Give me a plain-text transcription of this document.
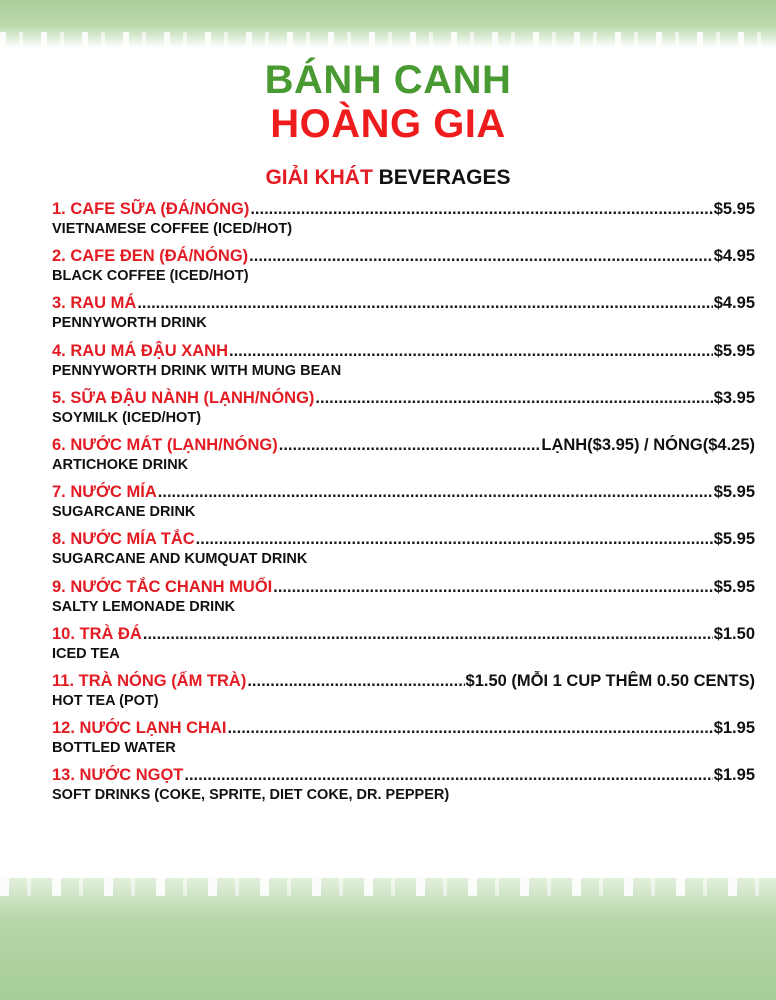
BÁNH CANH
HOÀNG GIA
GIẢI KHÁT BEVERAGES
1. CAFE SỮA (ĐÁ/NÓNG) .....	$5.95
VIETNAMESE COFFEE (ICED/HOT)
2. CAFE ĐEN (ĐÁ/NÓNG) .....	$4.95
BLACK COFFEE (ICED/HOT)
3. RAU MÁ .....	$4.95
PENNYWORTH DRINK
4. RAU MÁ ĐẬU XANH .....	$5.95
PENNYWORTH DRINK WITH MUNG BEAN
5. SỮA ĐẬU NÀNH (LẠNH/NÓNG) .....	$3.95
SOYMILK (ICED/HOT)
6. NƯỚC MÁT (LẠNH/NÓNG) .....	LẠNH($3.95) / NÓNG($4.25)
ARTICHOKE DRINK
7. NƯỚC MÍA .....	$5.95
SUGARCANE DRINK
8. NƯỚC MÍA TẮC .....	$5.95
SUGARCANE AND KUMQUAT DRINK
9. NƯỚC TẮC CHANH MUỐI .....	$5.95
SALTY LEMONADE DRINK
10. TRÀ ĐÁ .....	$1.50
ICED TEA
11. TRÀ NÓNG (ẤM TRÀ) .....	$1.50 (MỖI 1 CUP THÊM 0.50 CENTS)
HOT TEA (POT)
12. NƯỚC LẠNH CHAI .....	$1.95
BOTTLED WATER
13. NƯỚC NGỌT .....	$1.95
SOFT DRINKS (COKE, SPRITE, DIET COKE, DR. PEPPER)
